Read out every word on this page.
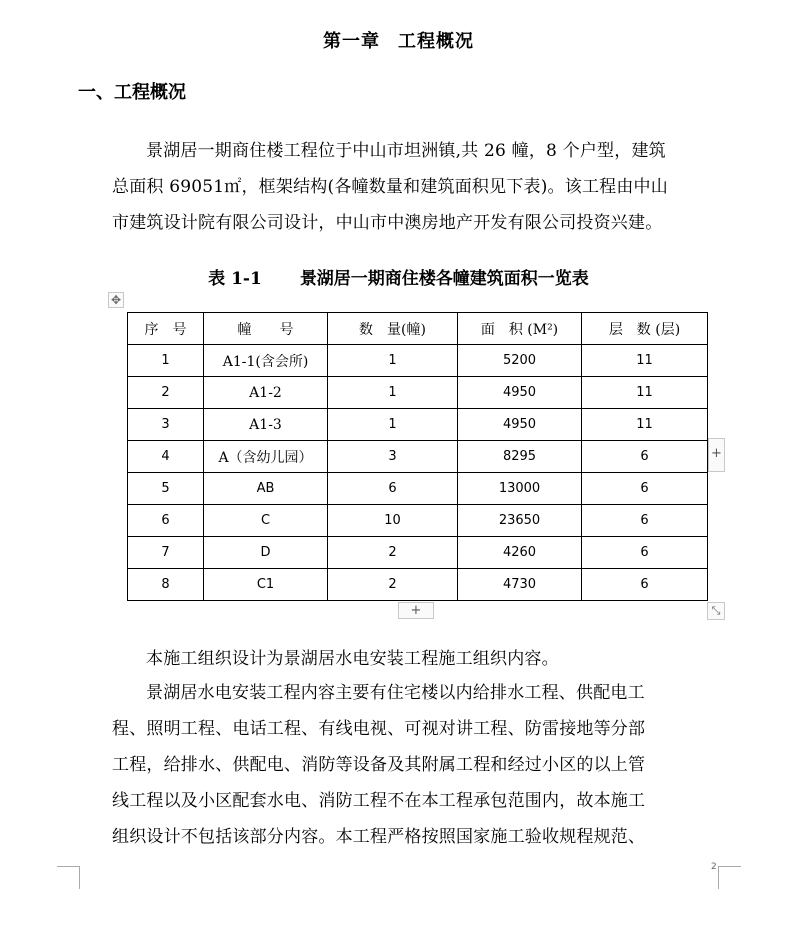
第一章 工程概况
一、工程概况
景湖居一期商住楼工程位于中山市坦洲镇,共 26 幢，8 个户型，建筑
总面积 69051㎡，框架结构(各幢数量和建筑面积见下表)。该工程由中山
市建筑设计院有限公司设计，中山市中澳房地产开发有限公司投资兴建。
表 1-1 景湖居一期商住楼各幢建筑面积一览表
✥
序　号	幢　　号	数　量(幢)	面　积 (M²)	层　数 (层)
1	A1-1(含会所)	1	5200	11
2	A1-2	1	4950	11
3	A1-3	1	4950	11
4	A（含幼儿园）	3	8295	6
5	AB	6	13000	6
6	C	10	23650	6
7	D	2	4260	6
8	C1	2	4730	6
+
+	⤡
本施工组织设计为景湖居水电安装工程施工组织内容。
景湖居水电安装工程内容主要有住宅楼以内给排水工程、供配电工
程、照明工程、电话工程、有线电视、可视对讲工程、防雷接地等分部
工程，给排水、供配电、消防等设备及其附属工程和经过小区的以上管
线工程以及小区配套水电、消防工程不在本工程承包范围内，故本施工
组织设计不包括该部分内容。本工程严格按照国家施工验收规程规范、
2
